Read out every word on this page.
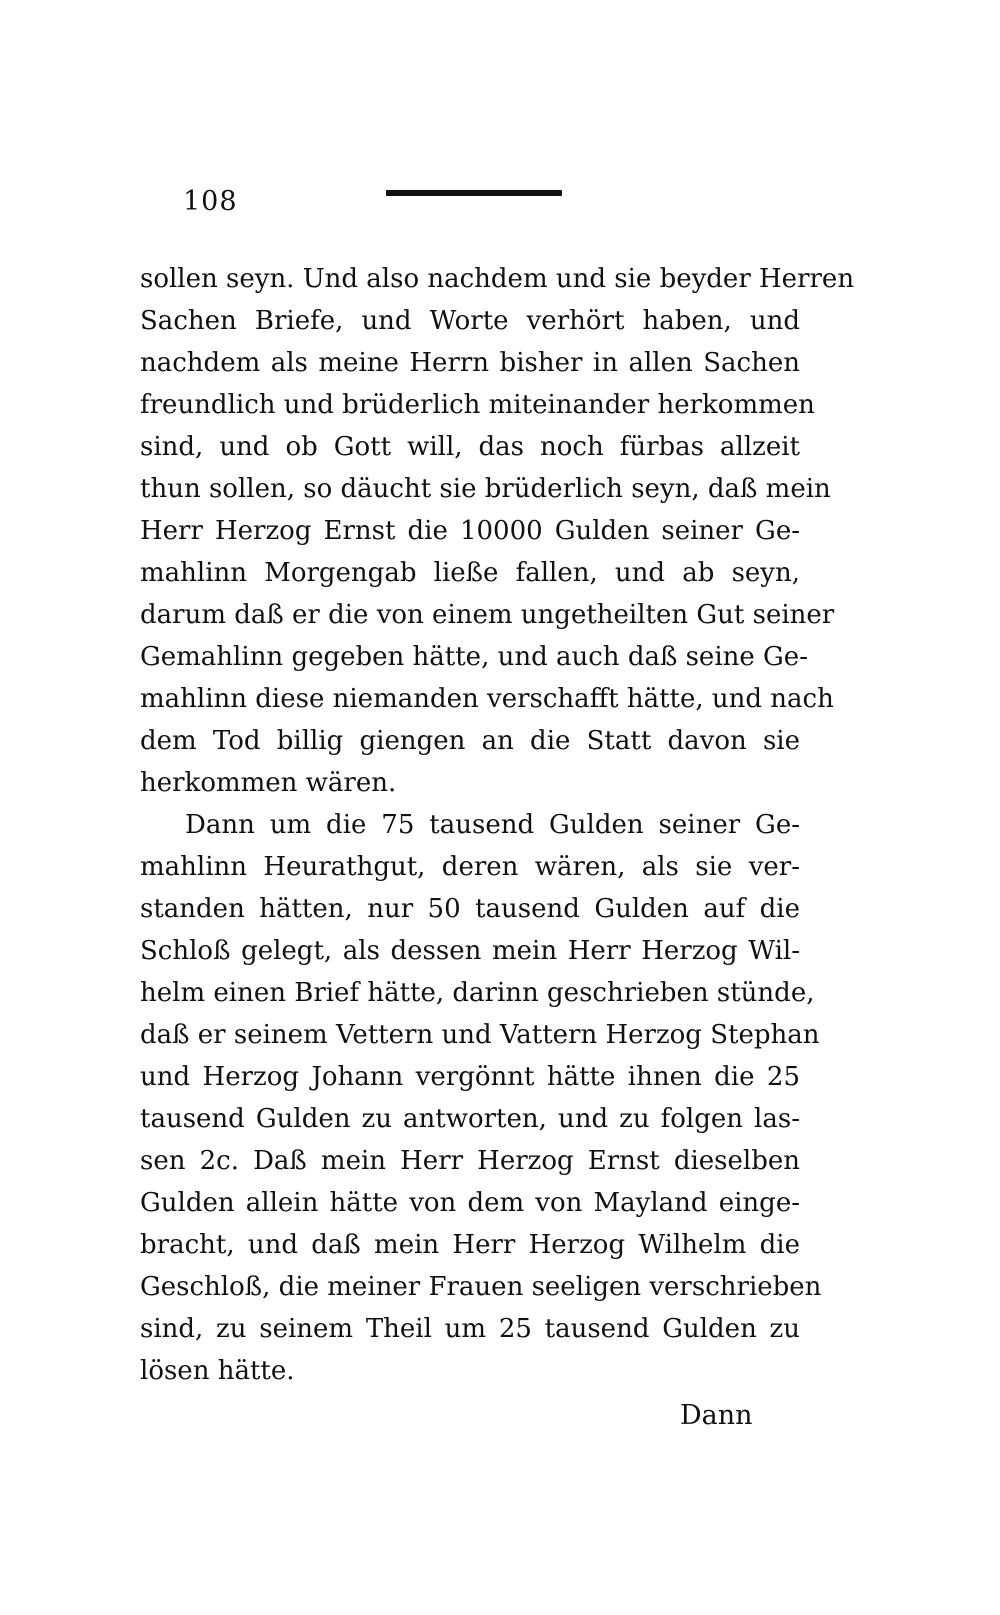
108
sollen seyn. Und also nachdem und sie beyder Herren
Sachen Briefe, und Worte verhört haben, und
nachdem als meine Herrn bisher in allen Sachen
freundlich und brüderlich miteinander herkommen
sind, und ob Gott will, das noch fürbas allzeit
thun sollen, so däucht sie brüderlich seyn, daß mein
Herr Herzog Ernst die 10000 Gulden seiner Ge-
mahlinn Morgengab ließe fallen, und ab seyn,
darum daß er die von einem ungetheilten Gut seiner
Gemahlinn gegeben hätte, und auch daß seine Ge-
mahlinn diese niemanden verschafft hätte, und nach
dem Tod billig giengen an die Statt davon sie
herkommen wären.
Dann um die 75 tausend Gulden seiner Ge-
mahlinn Heurathgut, deren wären, als sie ver-
standen hätten, nur 50 tausend Gulden auf die
Schloß gelegt, als dessen mein Herr Herzog Wil-
helm einen Brief hätte, darinn geschrieben stünde,
daß er seinem Vettern und Vattern Herzog Stephan
und Herzog Johann vergönnt hätte ihnen die 25
tausend Gulden zu antworten, und zu folgen las-
sen 2c. Daß mein Herr Herzog Ernst dieselben
Gulden allein hätte von dem von Mayland einge-
bracht, und daß mein Herr Herzog Wilhelm die
Geschloß, die meiner Frauen seeligen verschrieben
sind, zu seinem Theil um 25 tausend Gulden zu
lösen hätte.
Dann
